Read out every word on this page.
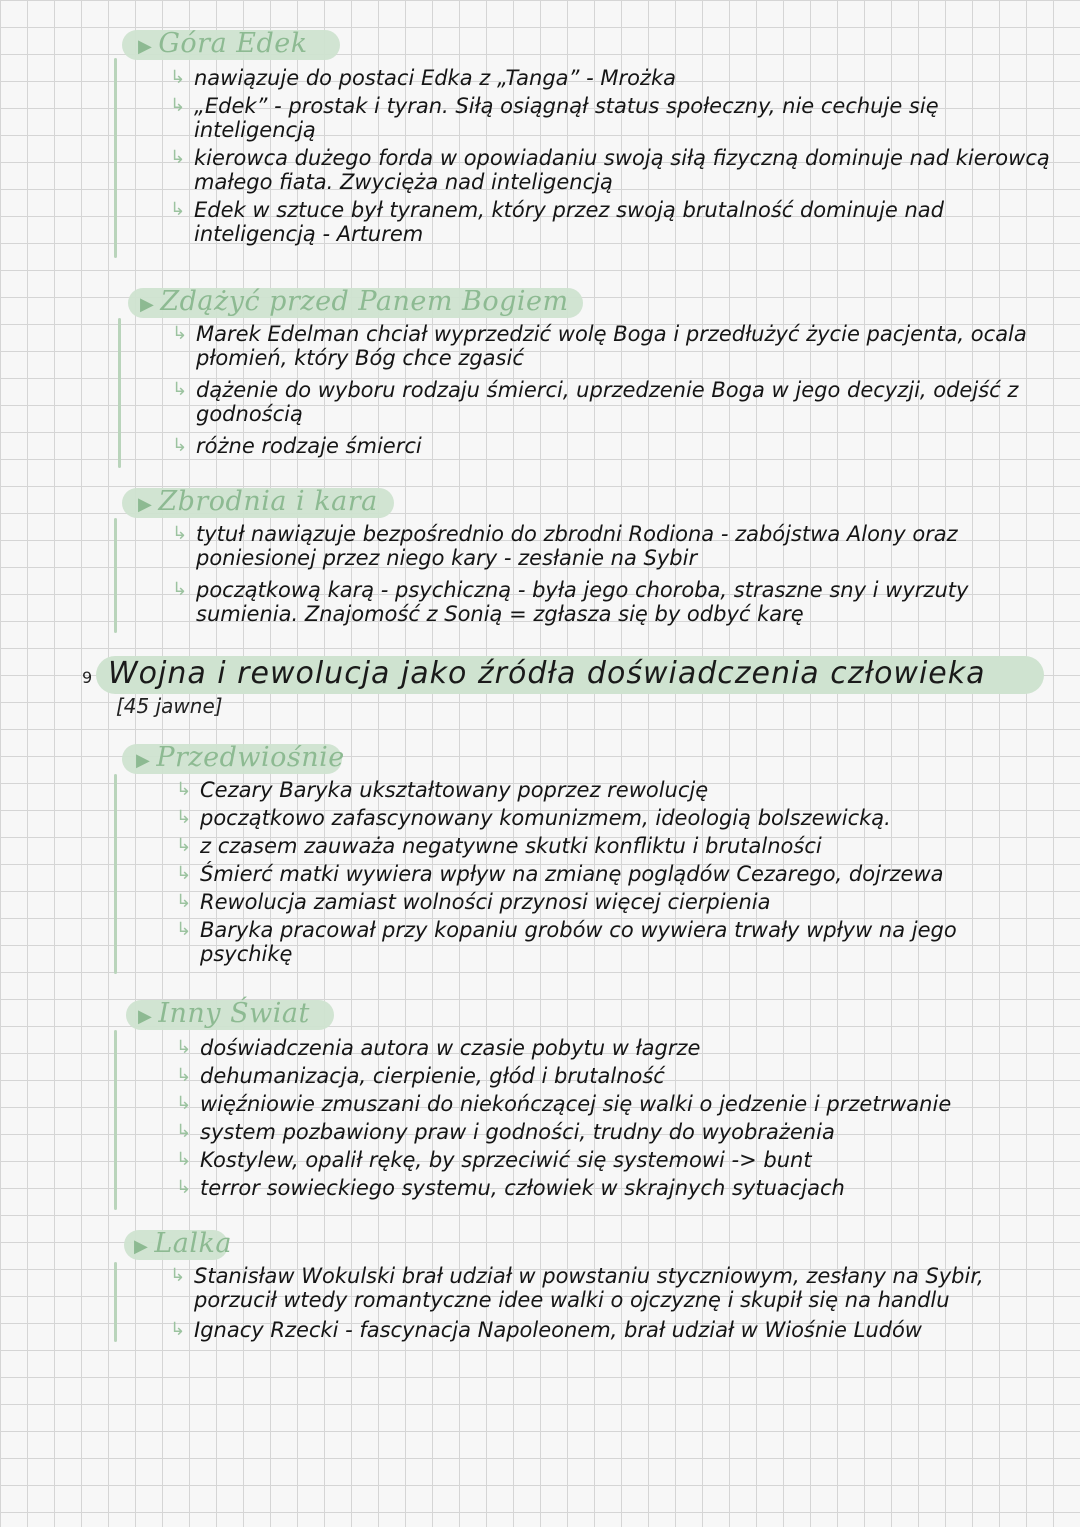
▶ Góra Edek
↳ nawiązuje do postaci Edka z „Tanga” - Mrożka
↳ „Edek” - prostak i tyran. Siłą osiągnął status społeczny, nie cechuje się inteligencją
↳ kierowca dużego forda w opowiadaniu swoją siłą fizyczną dominuje nad kierowcą małego fiata. Zwycięża nad inteligencją
↳ Edek w sztuce był tyranem, który przez swoją brutalność dominuje nad inteligencją - Arturem
▶ Zdążyć przed Panem Bogiem
↳ Marek Edelman chciał wyprzedzić wolę Boga i przedłużyć życie pacjenta, ocala płomień, który Bóg chce zgasić
↳ dążenie do wyboru rodzaju śmierci, uprzedzenie Boga w jego decyzji, odejść z godnością
↳ różne rodzaje śmierci
▶ Zbrodnia i kara
↳ tytuł nawiązuje bezpośrednio do zbrodni Rodiona - zabójstwa Alony oraz poniesionej przez niego kary - zesłanie na Sybir
↳ początkową karą - psychiczną - była jego choroba, straszne sny i wyrzuty sumienia. Znajomość z Sonią = zgłasza się by odbyć karę
9 Wojna i rewolucja jako źródła doświadczenia człowieka
[45 jawne]
▶ Przedwiośnie
↳ Cezary Baryka ukształtowany poprzez rewolucję
↳ początkowo zafascynowany komunizmem, ideologią bolszewicką.
↳ z czasem zauważa negatywne skutki konfliktu i brutalności
↳ Śmierć matki wywiera wpływ na zmianę poglądów Cezarego, dojrzewa
↳ Rewolucja zamiast wolności przynosi więcej cierpienia
↳ Baryka pracował przy kopaniu grobów co wywiera trwały wpływ na jego psychikę
▶ Inny Świat
↳ doświadczenia autora w czasie pobytu w łagrze
↳ dehumanizacja, cierpienie, głód i brutalność
↳ więźniowie zmuszani do niekończącej się walki o jedzenie i przetrwanie
↳ system pozbawiony praw i godności, trudny do wyobrażenia
↳ Kostylew, opalił rękę, by sprzeciwić się systemowi -> bunt
↳ terror sowieckiego systemu, człowiek w skrajnych sytuacjach
▶ Lalka
↳ Stanisław Wokulski brał udział w powstaniu styczniowym, zesłany na Sybir, porzucił wtedy romantyczne idee walki o ojczyznę i skupił się na handlu
↳ Ignacy Rzecki - fascynacja Napoleonem, brał udział w Wiośnie Ludów
